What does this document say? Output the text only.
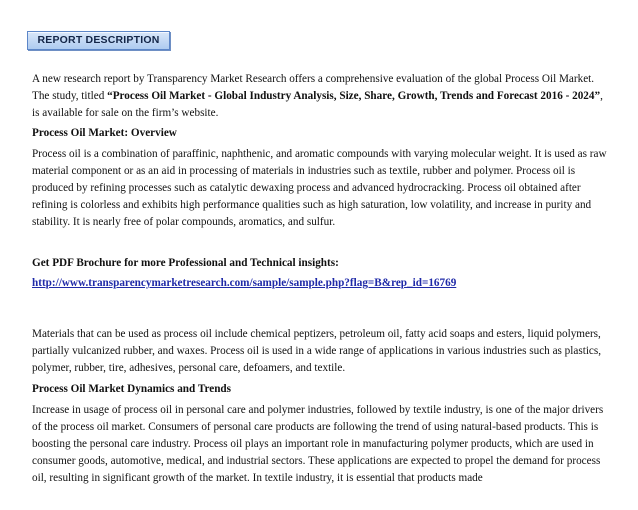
REPORT DESCRIPTION

A new research report by Transparency Market Research offers a comprehensive evaluation of the global Process Oil Market. The study, titled “Process Oil Market - Global Industry Analysis, Size, Share, Growth, Trends and Forecast 2016 - 2024”, is available for sale on the firm’s website.

Process Oil Market: Overview

Process oil is a combination of paraffinic, naphthenic, and aromatic compounds with varying molecular weight. It is used as raw material component or as an aid in processing of materials in industries such as textile, rubber and polymer. Process oil is produced by refining processes such as catalytic dewaxing process and advanced hydrocracking. Process oil obtained after refining is colorless and exhibits high performance qualities such as high saturation, low volatility, and increase in purity and stability. It is nearly free of polar compounds, aromatics, and sulfur.

Get PDF Brochure for more Professional and Technical insights:

http://www.transparencymarketresearch.com/sample/sample.php?flag=B&rep_id=16769

Materials that can be used as process oil include chemical peptizers, petroleum oil, fatty acid soaps and esters, liquid polymers, partially vulcanized rubber, and waxes. Process oil is used in a wide range of applications in various industries such as plastics, polymer, rubber, tire, adhesives, personal care, defoamers, and textile.

Process Oil Market Dynamics and Trends

Increase in usage of process oil in personal care and polymer industries, followed by textile industry, is one of the major drivers of the process oil market. Consumers of personal care products are following the trend of using natural-based products. This is boosting the personal care industry. Process oil plays an important role in manufacturing polymer products, which are used in consumer goods, automotive, medical, and industrial sectors. These applications are expected to propel the demand for process oil, resulting in significant growth of the market. In textile industry, it is essential that products made
